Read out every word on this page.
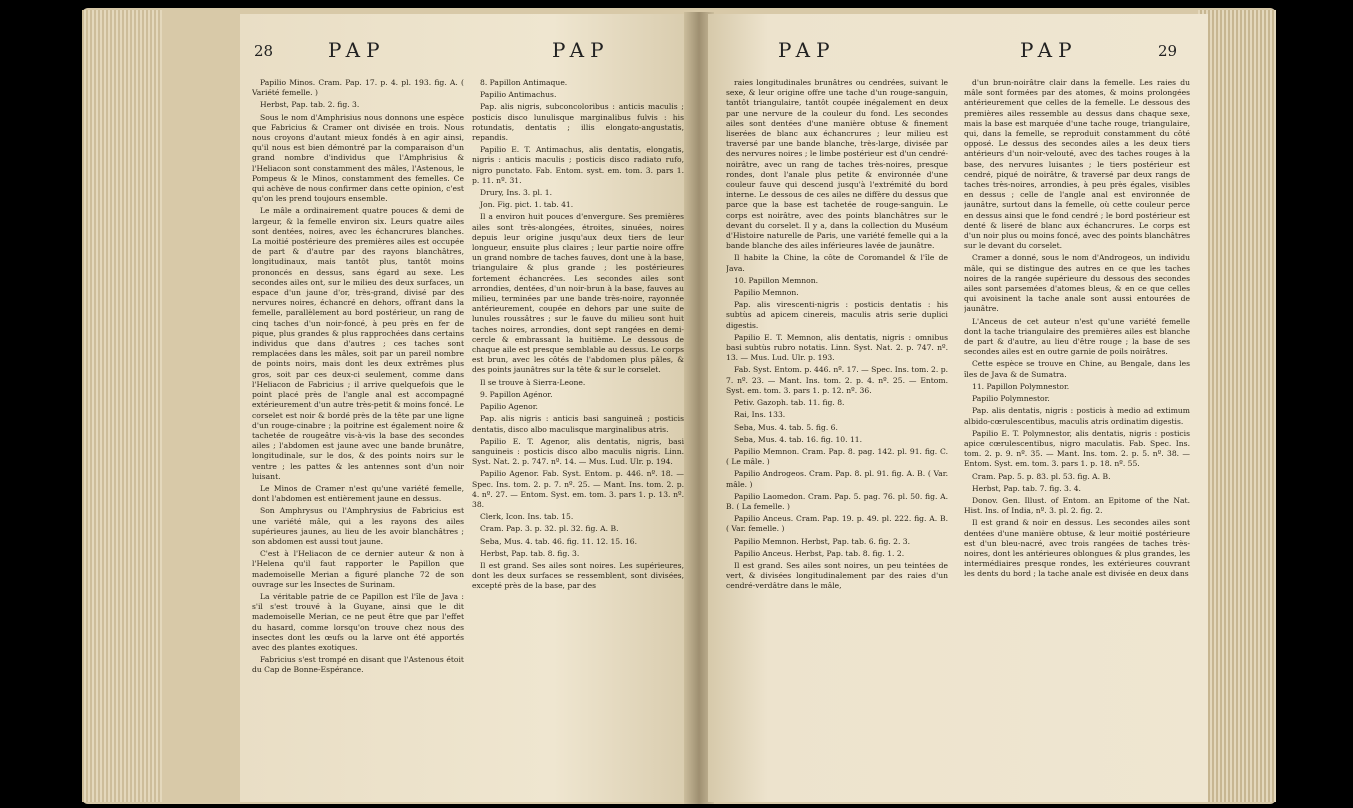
28	PAP	PAP

Papilio Minos. Cram. Pap. 17. p. 4. pl. 193. fig. A. ( Variété femelle. )

Herbst, Pap. tab. 2. fig. 3.

Sous le nom d'Amphrisius nous donnons une espèce que Fabricius & Cramer ont divisée en trois. Nous nous croyons d'autant mieux fondés à en agir ainsi, qu'il nous est bien démontré par la comparaison d'un grand nombre d'individus que l'Amphrisius & l'Heliacon sont constamment des mâles, l'Astenous, le Pompeus & le Minos, constamment des femelles. Ce qui achève de nous confirmer dans cette opinion, c'est qu'on les prend toujours ensemble.

Le mâle a ordinairement quatre pouces & demi de largeur, & la femelle environ six. Leurs quatre ailes sont dentées, noires, avec les échancrures blanches. La moitié postérieure des premières ailes est occupée de part & d'autre par des rayons blanchâtres, longitudinaux, mais tantôt plus, tantôt moins prononcés en dessus, sans égard au sexe. Les secondes ailes ont, sur le milieu des deux surfaces, un espace d'un jaune d'or, très-grand, divisé par des nervures noires, échancré en dehors, offrant dans la femelle, parallèlement au bord postérieur, un rang de cinq taches d'un noir-foncé, à peu près en fer de pique, plus grandes & plus rapprochées dans certains individus que dans d'autres ; ces taches sont remplacées dans les mâles, soit par un pareil nombre de points noirs, mais dont les deux extrêmes plus gros, soit par ces deux-ci seulement, comme dans l'Heliacon de Fabricius ; il arrive quelquefois que le point placé près de l'angle anal est accompagné extérieurement d'un autre très-petit & moins foncé. Le corselet est noir & bordé près de la tête par une ligne d'un rouge-cinabre ; la poitrine est également noire & tachetée de rougeâtre vis-à-vis la base des secondes ailes ; l'abdomen est jaune avec une bande brunâtre, longitudinale, sur le dos, & des points noirs sur le ventre ; les pattes & les antennes sont d'un noir luisant.

Le Minos de Cramer n'est qu'une variété femelle, dont l'abdomen est entièrement jaune en dessus.

Son Amphrysus ou l'Amphrysius de Fabricius est une variété mâle, qui a les rayons des ailes supérieures jaunes, au lieu de les avoir blanchâtres ; son abdomen est aussi tout jaune.

C'est à l'Heliacon de ce dernier auteur & non à l'Helena qu'il faut rapporter le Papillon que mademoiselle Merian a figuré planche 72 de son ouvrage sur les Insectes de Surinam.

La véritable patrie de ce Papillon est l'île de Java : s'il s'est trouvé à la Guyane, ainsi que le dit mademoiselle Merian, ce ne peut être que par l'effet du hasard, comme lorsqu'on trouve chez nous des insectes dont les œufs ou la larve ont été apportés avec des plantes exotiques.

Fabricius s'est trompé en disant que l'Astenous étoit du Cap de Bonne-Espérance.

8. Papillon Antimaque.

Papilio Antimachus.

Pap. alis nigris, subconcoloribus : anticis maculis ; posticis disco lunulisque marginalibus fulvis : his rotundatis, dentatis ; illis elongato-angustatis, repandis.

Papilio E. T. Antimachus, alis dentatis, elongatis, nigris : anticis maculis ; posticis disco radiato rufo, nigro punctato. Fab. Entom. syst. em. tom. 3. pars 1. p. 11. nº. 31.

Drury, Ins. 3. pl. 1.

Jon. Fig. pict. 1. tab. 41.

Il a environ huit pouces d'envergure. Ses premières ailes sont très-alongées, étroites, sinuées, noires depuis leur origine jusqu'aux deux tiers de leur longueur, ensuite plus claires ; leur partie noire offre un grand nombre de taches fauves, dont une à la base, triangulaire & plus grande ; les postérieures fortement échancrées. Les secondes ailes sont arrondies, dentées, d'un noir-brun à la base, fauves au milieu, terminées par une bande très-noire, rayonnée antérieurement, coupée en dehors par une suite de lunules roussâtres ; sur le fauve du milieu sont huit taches noires, arrondies, dont sept rangées en demi-cercle & embrassant la huitième. Le dessous de chaque aile est presque semblable au dessus. Le corps est brun, avec les côtés de l'abdomen plus pâles, & des points jaunâtres sur la tête & sur le corselet.

Il se trouve à Sierra-Leone.

9. Papillon Agénor.

Papilio Agenor.

Pap. alis nigris : anticis basi sanguineâ ; posticis dentatis, disco albo maculisque marginalibus atris.

Papilio E. T. Agenor, alis dentatis, nigris, basi sanguineis : posticis disco albo maculis nigris. Linn. Syst. Nat. 2. p. 747. nº. 14. — Mus. Lud. Ulr. p. 194.

Papilio Agenor. Fab. Syst. Entom. p. 446. nº. 18. — Spec. Ins. tom. 2. p. 7. nº. 25. — Mant. Ins. tom. 2. p. 4. nº. 27. — Entom. Syst. em. tom. 3. pars 1. p. 13. nº. 38.

Clerk, Icon. Ins. tab. 15.

Cram. Pap. 3. p. 32. pl. 32. fig. A. B.

Seba, Mus. 4. tab. 46. fig. 11. 12. 15. 16.

Herbst, Pap. tab. 8. fig. 3.

Il est grand. Ses ailes sont noires. Les supérieures, dont les deux surfaces se ressemblent, sont divisées, excepté près de la base, par des

PAP	PAP	29

raies longitudinales brunâtres ou cendrées, suivant le sexe, & leur origine offre une tache d'un rouge-sanguin, tantôt triangulaire, tantôt coupée inégalement en deux par une nervure de la couleur du fond. Les secondes ailes sont dentées d'une manière obtuse & finement liserées de blanc aux échancrures ; leur milieu est traversé par une bande blanche, très-large, divisée par des nervures noires ; le limbe postérieur est d'un cendré-noirâtre, avec un rang de taches très-noires, presque rondes, dont l'anale plus petite & environnée d'une couleur fauve qui descend jusqu'à l'extrémité du bord interne. Le dessous de ces ailes ne diffère du dessus que parce que la base est tachetée de rouge-sanguin. Le corps est noirâtre, avec des points blanchâtres sur le devant du corselet. Il y a, dans la collection du Muséum d'Histoire naturelle de Paris, une variété femelle qui a la bande blanche des ailes inférieures lavée de jaunâtre.

Il habite la Chine, la côte de Coromandel & l'île de Java.

10. Papillon Memnon.

Papilio Memnon.

Pap. alis virescenti-nigris : posticis dentatis : his subtùs ad apicem cinereis, maculis atris serie duplici digestis.

Papilio E. T. Memnon, alis dentatis, nigris : omnibus basi subtùs rubro notatis. Linn. Syst. Nat. 2. p. 747. nº. 13. — Mus. Lud. Ulr. p. 193.

Fab. Syst. Entom. p. 446. nº. 17. — Spec. Ins. tom. 2. p. 7. nº. 23. — Mant. Ins. tom. 2. p. 4. nº. 25. — Entom. Syst. em. tom. 3. pars 1. p. 12. nº. 36.

Petiv. Gazoph. tab. 11. fig. 8.

Rai, Ins. 133.

Seba, Mus. 4. tab. 5. fig. 6.

Seba, Mus. 4. tab. 16. fig. 10. 11.

Papilio Memnon. Cram. Pap. 8. pag. 142. pl. 91. fig. C. ( Le mâle. )

Papilio Androgeos. Cram. Pap. 8. pl. 91. fig. A. B. ( Var. mâle. )

Papilio Laomedon. Cram. Pap. 5. pag. 76. pl. 50. fig. A. B. ( La femelle. )

Papilio Anceus. Cram. Pap. 19. p. 49. pl. 222. fig. A. B. ( Var. femelle. )

Papilio Memnon. Herbst, Pap. tab. 6. fig. 2. 3.

Papilio Anceus. Herbst, Pap. tab. 8. fig. 1. 2.

Il est grand. Ses ailes sont noires, un peu teintées de vert, & divisées longitudinalement par des raies d'un cendré-verdâtre dans le mâle,

d'un brun-noirâtre clair dans la femelle. Les raies du mâle sont formées par des atomes, & moins prolongées antérieurement que celles de la femelle. Le dessous des premières ailes ressemble au dessus dans chaque sexe, mais la base est marquée d'une tache rouge, triangulaire, qui, dans la femelle, se reproduit constamment du côté opposé. Le dessus des secondes ailes a les deux tiers antérieurs d'un noir-velouté, avec des taches rouges à la base, des nervures luisantes ; le tiers postérieur est cendré, piqué de noirâtre, & traversé par deux rangs de taches très-noires, arrondies, à peu près égales, visibles en dessus ; celle de l'angle anal est environnée de jaunâtre, surtout dans la femelle, où cette couleur perce en dessus ainsi que le fond cendré ; le bord postérieur est denté & liseré de blanc aux échancrures. Le corps est d'un noir plus ou moins foncé, avec des points blanchâtres sur le devant du corselet.

Cramer a donné, sous le nom d'Androgeos, un individu mâle, qui se distingue des autres en ce que les taches noires de la rangée supérieure du dessous des secondes ailes sont parsemées d'atomes bleus, & en ce que celles qui avoisinent la tache anale sont aussi entourées de jaunâtre.

L'Anceus de cet auteur n'est qu'une variété femelle dont la tache triangulaire des premières ailes est blanche de part & d'autre, au lieu d'être rouge ; la base de ses secondes ailes est en outre garnie de poils noirâtres.

Cette espèce se trouve en Chine, au Bengale, dans les îles de Java & de Sumatra.

11. Papillon Polymnestor.

Papilio Polymnestor.

Pap. alis dentatis, nigris : posticis à medio ad extimum albido-cœrulescentibus, maculis atris ordinatim digestis.

Papilio E. T. Polymnestor, alis dentatis, nigris : posticis apice cœrulescentibus, nigro maculatis. Fab. Spec. Ins. tom. 2. p. 9. nº. 35. — Mant. Ins. tom. 2. p. 5. nº. 38. — Entom. Syst. em. tom. 3. pars 1. p. 18. nº. 55.

Cram. Pap. 5. p. 83. pl. 53. fig. A. B.

Herbst, Pap. tab. 7. fig. 3. 4.

Donov. Gen. Illust. of Entom. an Epitome of the Nat. Hist. Ins. of India, nº. 3. pl. 2. fig. 2.

Il est grand & noir en dessus. Les secondes ailes sont dentées d'une manière obtuse, & leur moitié postérieure est d'un bleu-nacré, avec trois rangées de taches très-noires, dont les antérieures oblongues & plus grandes, les intermédiaires presque rondes, les extérieures couvrant les dents du bord ; la tache anale est divisée en deux dans
